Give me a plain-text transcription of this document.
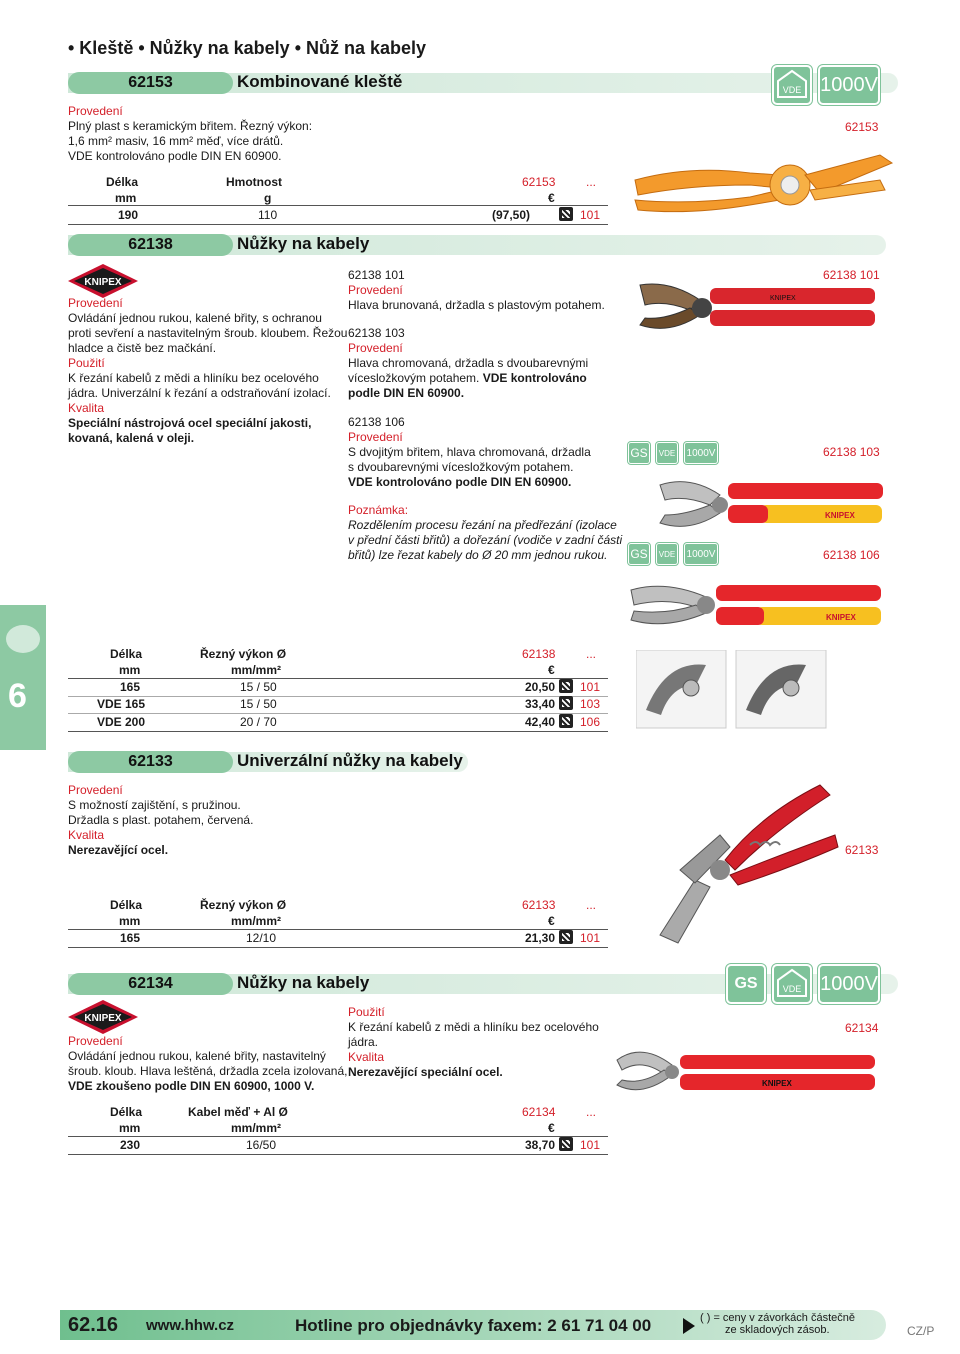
• Kleště • Nůžky na kabely • Nůž na kabely
6
62153	Kombinované kleště	VDE 1000V
62153
Provedení
Plný plast s keramickým břitem. Řezný výkon:
1,6 mm² masiv, 16 mm² měď, více drátů.
VDE kontrolováno podle DIN EN 60900.
Délka	Hmotnost	62153	...
mm	g	€
190	110	(97,50)	101
62138	Nůžky na kabely
KNIPEX
Provedení
Ovládání jednou rukou, kalené břity, s ochranou
proti sevření a nastavitelným šroub. kloubem. Řežou
hladce a čistě bez mačkání.
Použití
K řezání kabelů z mědi a hliníku bez ocelového
jádra. Univerzální k řezání a odstraňování izolací.
Kvalita
Speciální nástrojová ocel speciální jakosti,
kovaná, kalená v oleji.
62138 101
Provedení
Hlava brunovaná, držadla s plastovým potahem.
62138 103
Provedení
Hlava chromovaná, držadla s dvoubarevnými
vícesložkovým potahem. VDE kontrolováno
podle DIN EN 60900.
62138 106
Provedení
S dvojitým břitem, hlava chromovaná, držadla
s dvoubarevnými vícesložkovým potahem.
VDE kontrolováno podle DIN EN 60900.
Poznámka:
Rozdělením procesu řezání na předřezání (izolace
v přední části břitů) a dořezání (vodiče v zadní části
břitů) lze řezat kabely do Ø 20 mm jednou rukou.
62138 101
KNIPEX
62138 103
GS	VDE 1000V
KNIPEX
62138 106
GS	VDE 1000V
KNIPEX
Délka	Řezný výkon Ø	62138	...
mm	mm/mm²	€
165	15 / 50	20,50 101
VDE 165	15 / 50	33,40 103
VDE 200	20 / 70	42,40 106
62133	Univerzální nůžky na kabely
Provedení
S možností zajištění, s pružinou.
Držadla s plast. potahem, červená.
Kvalita
Nerezavějící ocel.	62133
Délka	Řezný výkon Ø	62133	...
mm	mm/mm²	€
165	12/10	21,30 101
62134	Nůžky na kabely	GS	VDE 1000V
KNIPEX
Provedení
Ovládání jednou rukou, kalené břity, nastavitelný
šroub. kloub. Hlava leštěná, držadla zcela izolovaná,
VDE zkoušeno podle DIN EN 60900, 1000 V.
Použití
K řezání kabelů z mědi a hliníku bez ocelového
jádra.
Kvalita
Nerezavějící speciální ocel.
62134
KNIPEX
Délka	Kabel měď + Al Ø	62134	...
mm	mm/mm²	€
230	16/50	38,70 101
62.16 www.hhw.cz	Hotline pro objednávky faxem: 2 61 71 04 00	( ) = ceny v závorkách částečně
ze skladových zásob.	CZ/P
